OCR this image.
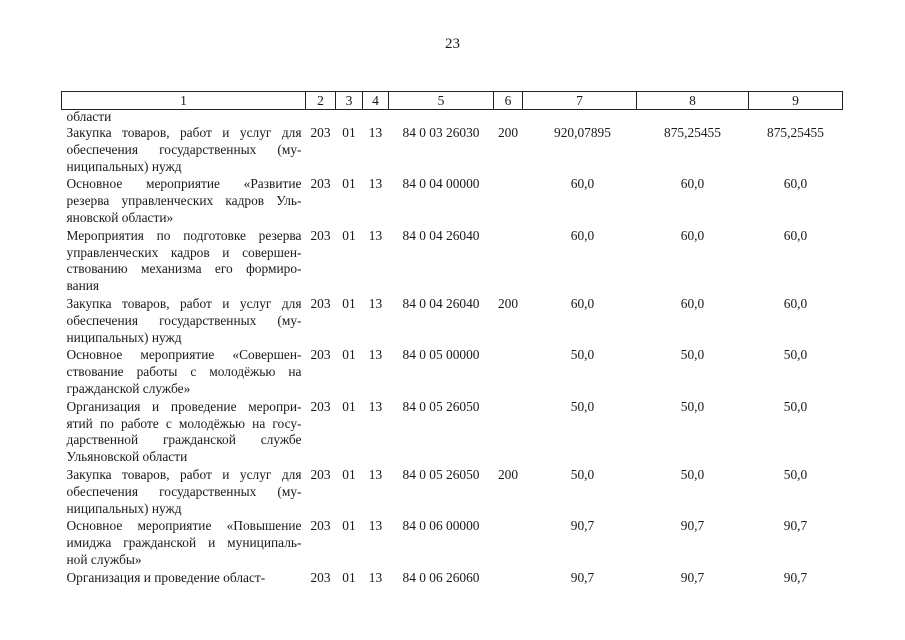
23
1	2	3	4	5	6	7	8	9
области								

Закупка товаров, работ и услуг для
обеспечения государственных (му-
ниципальных) нужд	203	01	13	84 0 03 26030	200	920,07895	875,25455	875,25455

Основное мероприятие «Развитие
резерва управленческих кадров Уль-
яновской области»	203	01	13	84 0 04 00000		60,0	60,0	60,0

Мероприятия по подготовке резерва
управленческих кадров и совершен-
ствованию механизма его формиро-
вания	203	01	13	84 0 04 26040		60,0	60,0	60,0

Закупка товаров, работ и услуг для
обеспечения государственных (му-
ниципальных) нужд	203	01	13	84 0 04 26040	200	60,0	60,0	60,0

Основное мероприятие «Совершен-
ствование работы с молодёжью на
гражданской службе»	203	01	13	84 0 05 00000		50,0	50,0	50,0

Организация и проведение меропри-
ятий по работе с молодёжью на госу-
дарственной гражданской службе
Ульяновской области	203	01	13	84 0 05 26050		50,0	50,0	50,0

Закупка товаров, работ и услуг для
обеспечения государственных (му-
ниципальных) нужд	203	01	13	84 0 05 26050	200	50,0	50,0	50,0

Основное мероприятие «Повышение
имиджа гражданской и муниципаль-
ной службы»	203	01	13	84 0 06 00000		90,7	90,7	90,7

Организация и проведение област-	203	01	13	84 0 06 26060		90,7	90,7	90,7
